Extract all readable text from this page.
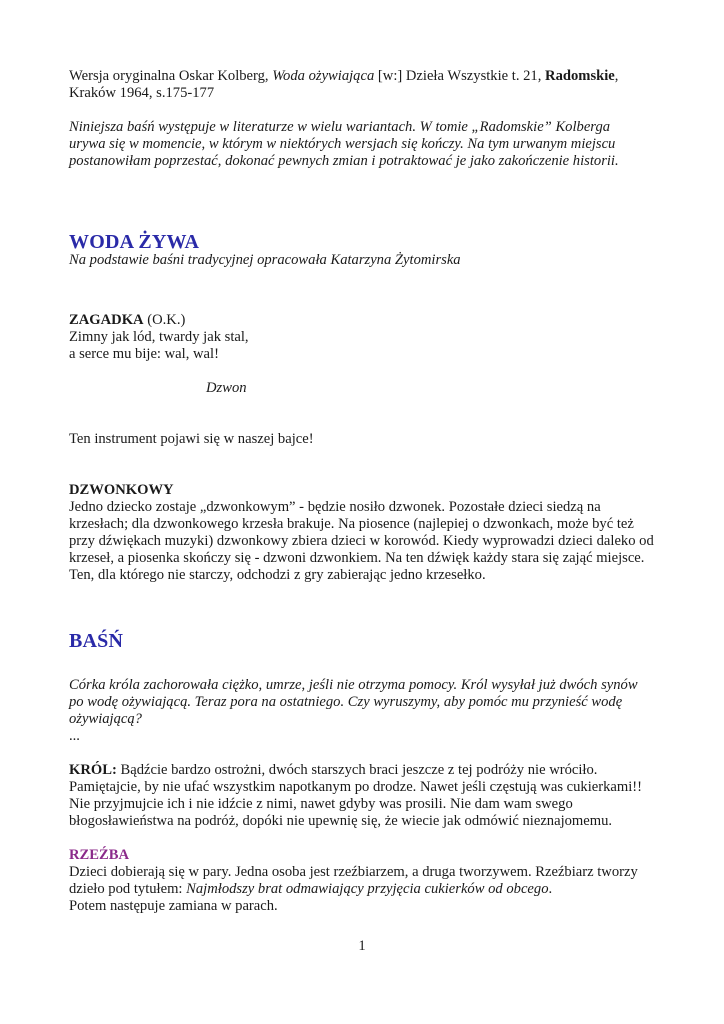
Wersja oryginalna Oskar Kolberg, Woda ożywiająca [w:] Dzieła Wszystkie t. 21, Radomskie,

Kraków 1964, s.175-177

Niniejsza baśń występuje w literaturze w wielu wariantach. W tomie „Radomskie” Kolberga

urywa się w momencie, w którym w niektórych wersjach się kończy. Na tym urwanym miejscu

postanowiłam poprzestać, dokonać pewnych zmian i potraktować je jako zakończenie historii.

WODA ŻYWA

Na podstawie baśni tradycyjnej opracowała Katarzyna Żytomirska

ZAGADKA (O.K.)

Zimny jak lód, twardy jak stal,

a serce mu bije: wal, wal!

Dzwon

Ten instrument pojawi się w naszej bajce!

DZWONKOWY

Jedno dziecko zostaje „dzwonkowym” - będzie nosiło dzwonek. Pozostałe dzieci siedzą na

krzesłach; dla dzwonkowego krzesła brakuje. Na piosence (najlepiej o dzwonkach, może być też

przy dźwiękach muzyki) dzwonkowy zbiera dzieci w korowód. Kiedy wyprowadzi dzieci daleko od

krzeseł, a piosenka skończy się - dzwoni dzwonkiem. Na ten dźwięk każdy stara się zająć miejsce.

Ten, dla którego nie starczy, odchodzi z gry zabierając jedno krzesełko.

BAŚŃ

Córka króla zachorowała ciężko, umrze, jeśli nie otrzyma pomocy. Król wysyłał już dwóch synów

po wodę ożywiającą. Teraz pora na ostatniego. Czy wyruszymy, aby pomóc mu przynieść wodę

ożywiającą?

...

KRÓL: Bądźcie bardzo ostrożni, dwóch starszych braci jeszcze z tej podróży nie wróciło.

Pamiętajcie, by nie ufać wszystkim napotkanym po drodze. Nawet jeśli częstują was cukierkami!!

Nie przyjmujcie ich i nie idźcie z nimi, nawet gdyby was prosili. Nie dam wam swego

błogosławieństwa na podróż, dopóki nie upewnię się, że wiecie jak odmówić nieznajomemu.

RZEŹBA

Dzieci dobierają się w pary. Jedna osoba jest rzeźbiarzem, a druga tworzywem. Rzeźbiarz tworzy

dzieło pod tytułem: Najmłodszy brat odmawiający przyjęcia cukierków od obcego.

Potem następuje zamiana w parach.

1
